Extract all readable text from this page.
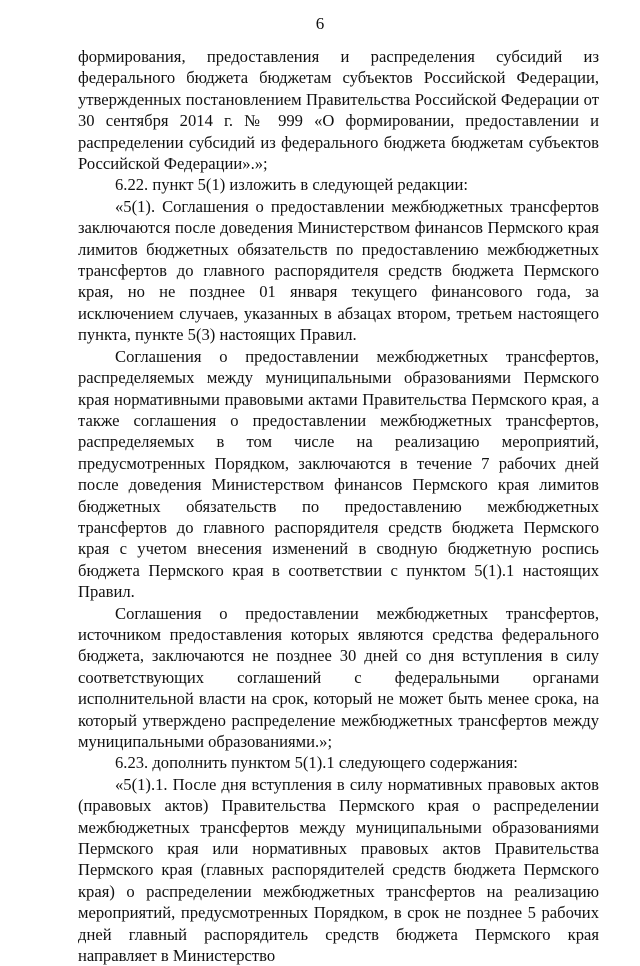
6

формирования, предоставления и распределения субсидий из федерального бюджета бюджетам субъектов Российской Федерации, утвержденных постановлением Правительства Российской Федерации от 30 сентября 2014 г. № 999 «О формировании, предоставлении и распределении субсидий из федерального бюджета бюджетам субъектов Российской Федерации».»;

6.22. пункт 5(1) изложить в следующей редакции:

«5(1). Соглашения о предоставлении межбюджетных трансфертов заключаются после доведения Министерством финансов Пермского края лимитов бюджетных обязательств по предоставлению межбюджетных трансфертов до главного распорядителя средств бюджета Пермского края, но не позднее 01 января текущего финансового года, за исключением случаев, указанных в абзацах втором, третьем настоящего пункта, пункте 5(3) настоящих Правил.

Соглашения о предоставлении межбюджетных трансфертов, распределяемых между муниципальными образованиями Пермского края нормативными правовыми актами Правительства Пермского края, а также соглашения о предоставлении межбюджетных трансфертов, распределяемых в том числе на реализацию мероприятий, предусмотренных Порядком, заключаются в течение 7 рабочих дней после доведения Министерством финансов Пермского края лимитов бюджетных обязательств по предоставлению межбюджетных трансфертов до главного распорядителя средств бюджета Пермского края с учетом внесения изменений в сводную бюджетную роспись бюджета Пермского края в соответствии с пунктом 5(1).1 настоящих Правил.

Соглашения о предоставлении межбюджетных трансфертов, источником предоставления которых являются средства федерального бюджета, заключаются не позднее 30 дней со дня вступления в силу соответствующих соглашений с федеральными органами исполнительной власти на срок, который не может быть менее срока, на который утверждено распределение межбюджетных трансфертов между муниципальными образованиями.»;

6.23. дополнить пунктом 5(1).1 следующего содержания:

«5(1).1. После дня вступления в силу нормативных правовых актов (правовых актов) Правительства Пермского края о распределении межбюджетных трансфертов между муниципальными образованиями Пермского края или нормативных правовых актов Правительства Пермского края (главных распорядителей средств бюджета Пермского края) о распределении межбюджетных трансфертов на реализацию мероприятий, предусмотренных Порядком, в срок не позднее 5 рабочих дней главный распорядитель средств бюджета Пермского края направляет в Министерство
